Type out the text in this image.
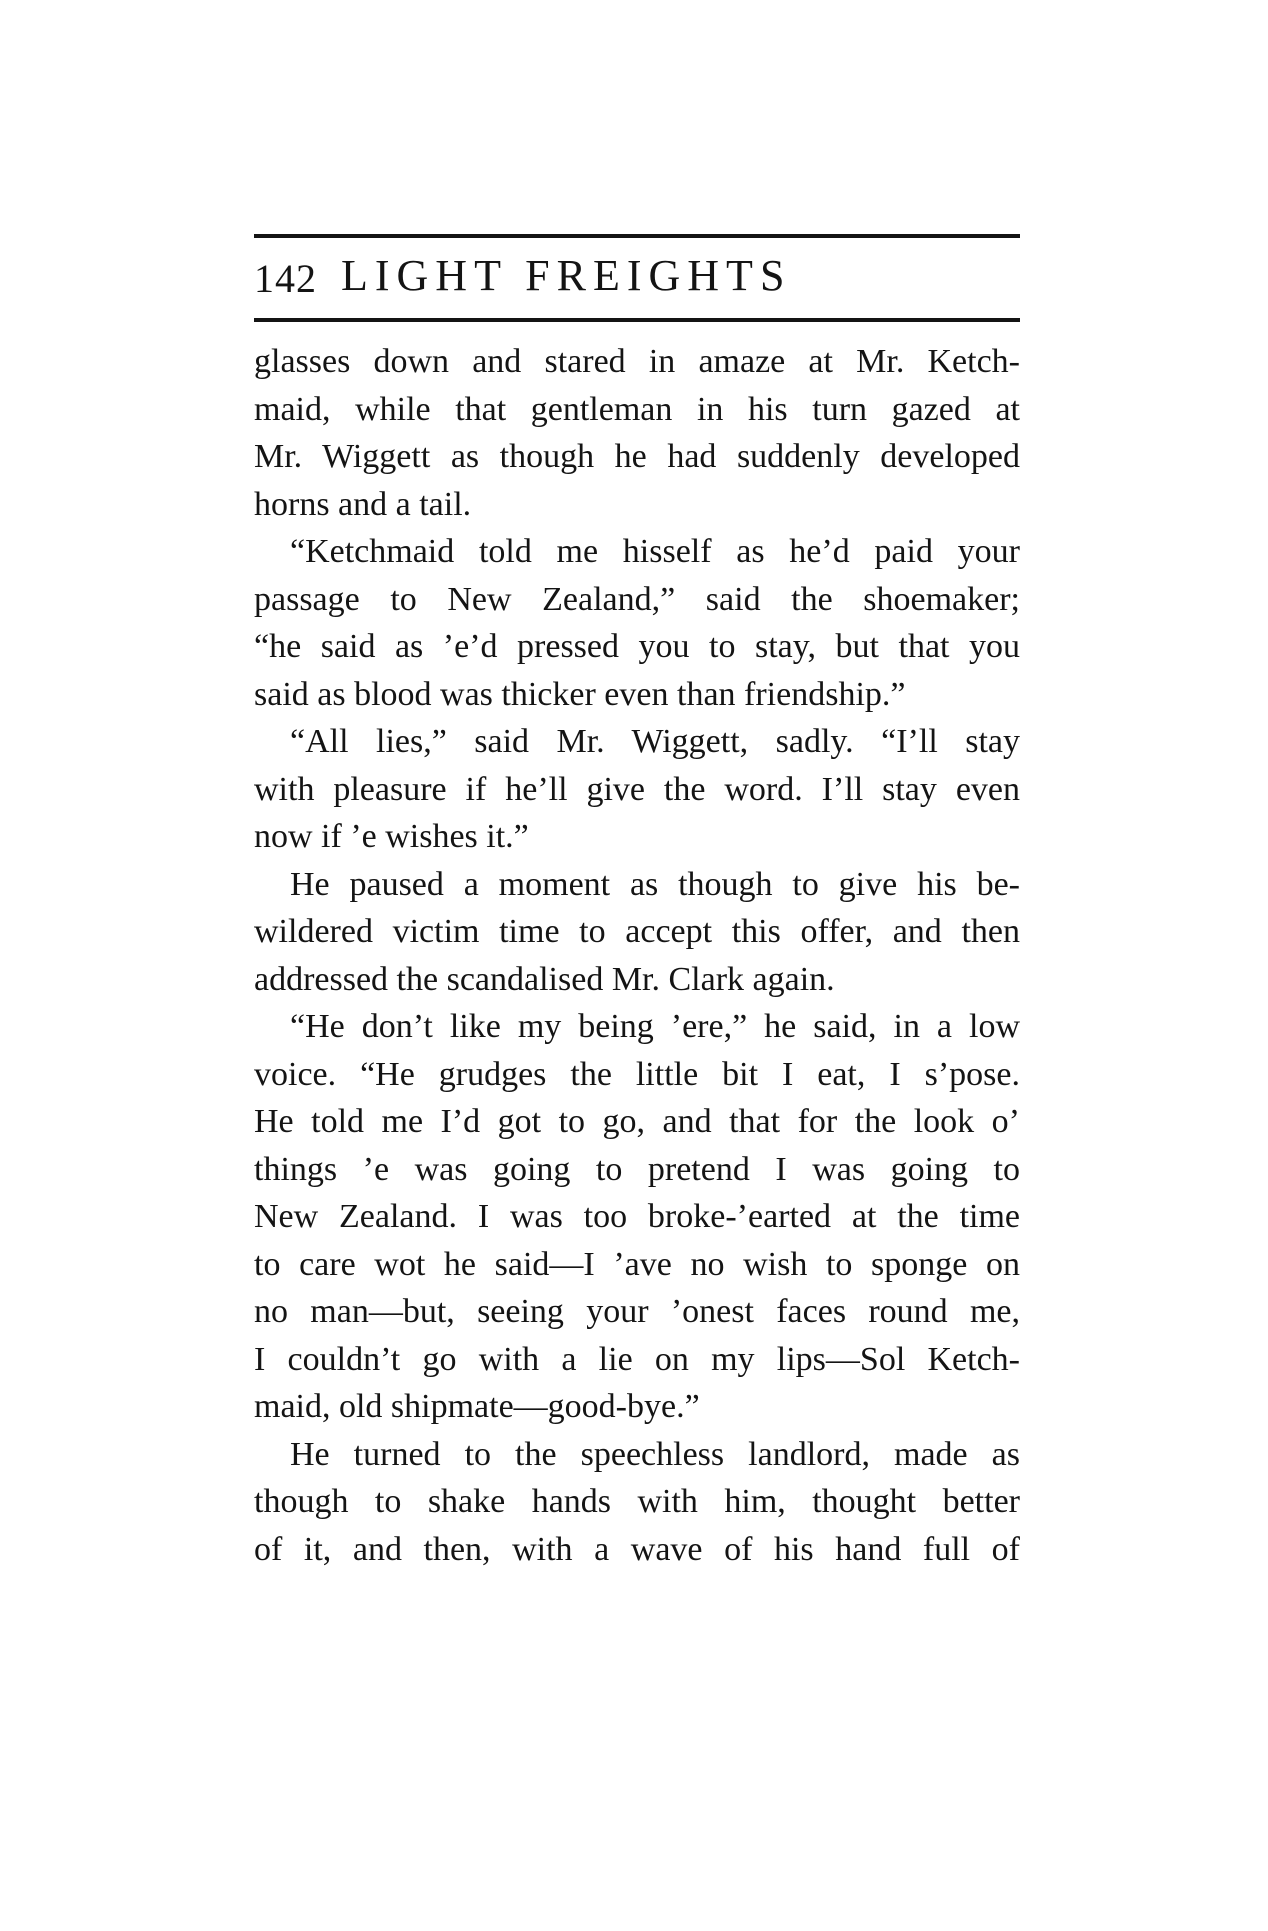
142 LIGHT FREIGHTS
glasses down and stared in amaze at Mr. Ketch-
maid, while that gentleman in his turn gazed at
Mr. Wiggett as though he had suddenly developed
horns and a tail.
“Ketchmaid told me hisself as he’d paid your
passage to New Zealand,” said the shoemaker;
“he said as ’e’d pressed you to stay, but that you
said as blood was thicker even than friendship.”
“All lies,” said Mr. Wiggett, sadly. “I’ll stay
with pleasure if he’ll give the word. I’ll stay even
now if ’e wishes it.”
He paused a moment as though to give his be-
wildered victim time to accept this offer, and then
addressed the scandalised Mr. Clark again.
“He don’t like my being ’ere,” he said, in a low
voice. “He grudges the little bit I eat, I s’pose.
He told me I’d got to go, and that for the look o’
things ’e was going to pretend I was going to
New Zealand. I was too broke-’earted at the time
to care wot he said—I ’ave no wish to sponge on
no man—but, seeing your ’onest faces round me,
I couldn’t go with a lie on my lips—Sol Ketch-
maid, old shipmate—good-bye.”
He turned to the speechless landlord, made as
though to shake hands with him, thought better
of it, and then, with a wave of his hand full of
